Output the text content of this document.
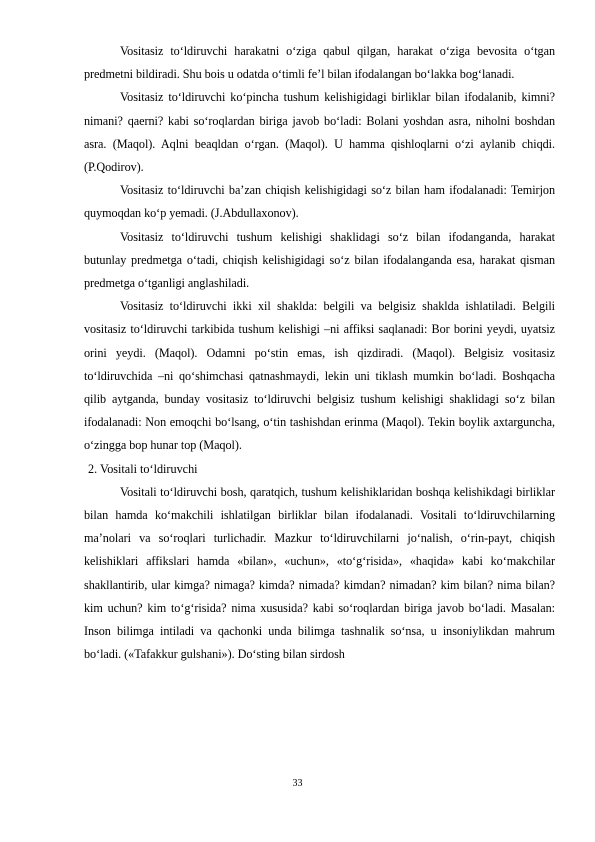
Vositasiz to‘ldiruvchi harakatni o‘ziga qabul qilgan, harakat o‘ziga bevosita o‘tgan predmetni bildiradi. Shu bois u odatda o‘timli fe’l bilan ifodalangan bo‘lakka bog‘lanadi.

Vositasiz to‘ldiruvchi ko‘pincha tushum kelishigidagi birliklar bilan ifodalanib, kimni? nimani? qaerni? kabi so‘roqlardan biriga javob bo‘ladi: Bolani yoshdan asra, niholni boshdan asra. (Maqol). Aqlni beaqldan o‘rgan. (Maqol). U hamma qishloqlarni o‘zi aylanib chiqdi. (P.Qodirov).

Vositasiz to‘ldiruvchi ba’zan chiqish kelishigidagi so‘z bilan ham ifodalanadi: Temirjon quymoqdan ko‘p yemadi. (J.Abdullaxonov).

Vositasiz to‘ldiruvchi tushum kelishigi shaklidagi so‘z bilan ifodanganda, harakat butunlay predmetga o‘tadi, chiqish kelishigidagi so‘z bilan ifodalanganda esa, harakat qisman predmetga o‘tganligi anglashiladi.

Vositasiz to‘ldiruvchi ikki xil shaklda: belgili va belgisiz shaklda ishlatiladi. Belgili vositasiz to‘ldiruvchi tarkibida tushum kelishigi –ni affiksi saqlanadi: Bor borini yeydi, uyatsiz orini yeydi. (Maqol). Odamni po‘stin emas, ish qizdiradi. (Maqol). Belgisiz vositasiz to‘ldiruvchida –ni qo‘shimchasi qatnashmaydi, lekin uni tiklash mumkin bo‘ladi. Boshqacha qilib aytganda, bunday vositasiz to‘ldiruvchi belgisiz tushum kelishigi shaklidagi so‘z bilan ifodalanadi: Non emoqchi bo‘lsang, o‘tin tashishdan erinma (Maqol). Tekin boylik axtarguncha, o‘zingga bop hunar top (Maqol).

2. Vositali to‘ldiruvchi

Vositali to‘ldiruvchi bosh, qaratqich, tushum kelishiklaridan boshqa kelishikdagi birliklar bilan hamda ko‘makchili ishlatilgan birliklar bilan ifodalanadi. Vositali to‘ldiruvchilarning ma’nolari va so‘roqlari turlichadir. Mazkur to‘ldiruvchilarni jo‘nalish, o‘rin-payt, chiqish kelishiklari affikslari hamda «bilan», «uchun», «to‘g‘risida», «haqida» kabi ko‘makchilar shakllantirib, ular kimga? nimaga? kimda? nimada? kimdan? nimadan? kim bilan? nima bilan? kim uchun? kim to‘g‘risida? nima xususida? kabi so‘roqlardan biriga javob bo‘ladi. Masalan: Inson bilimga intiladi va qachonki unda bilimga tashnalik so‘nsa, u insoniylikdan mahrum bo‘ladi. («Tafakkur gulshani»). Do‘sting bilan sirdosh

33
